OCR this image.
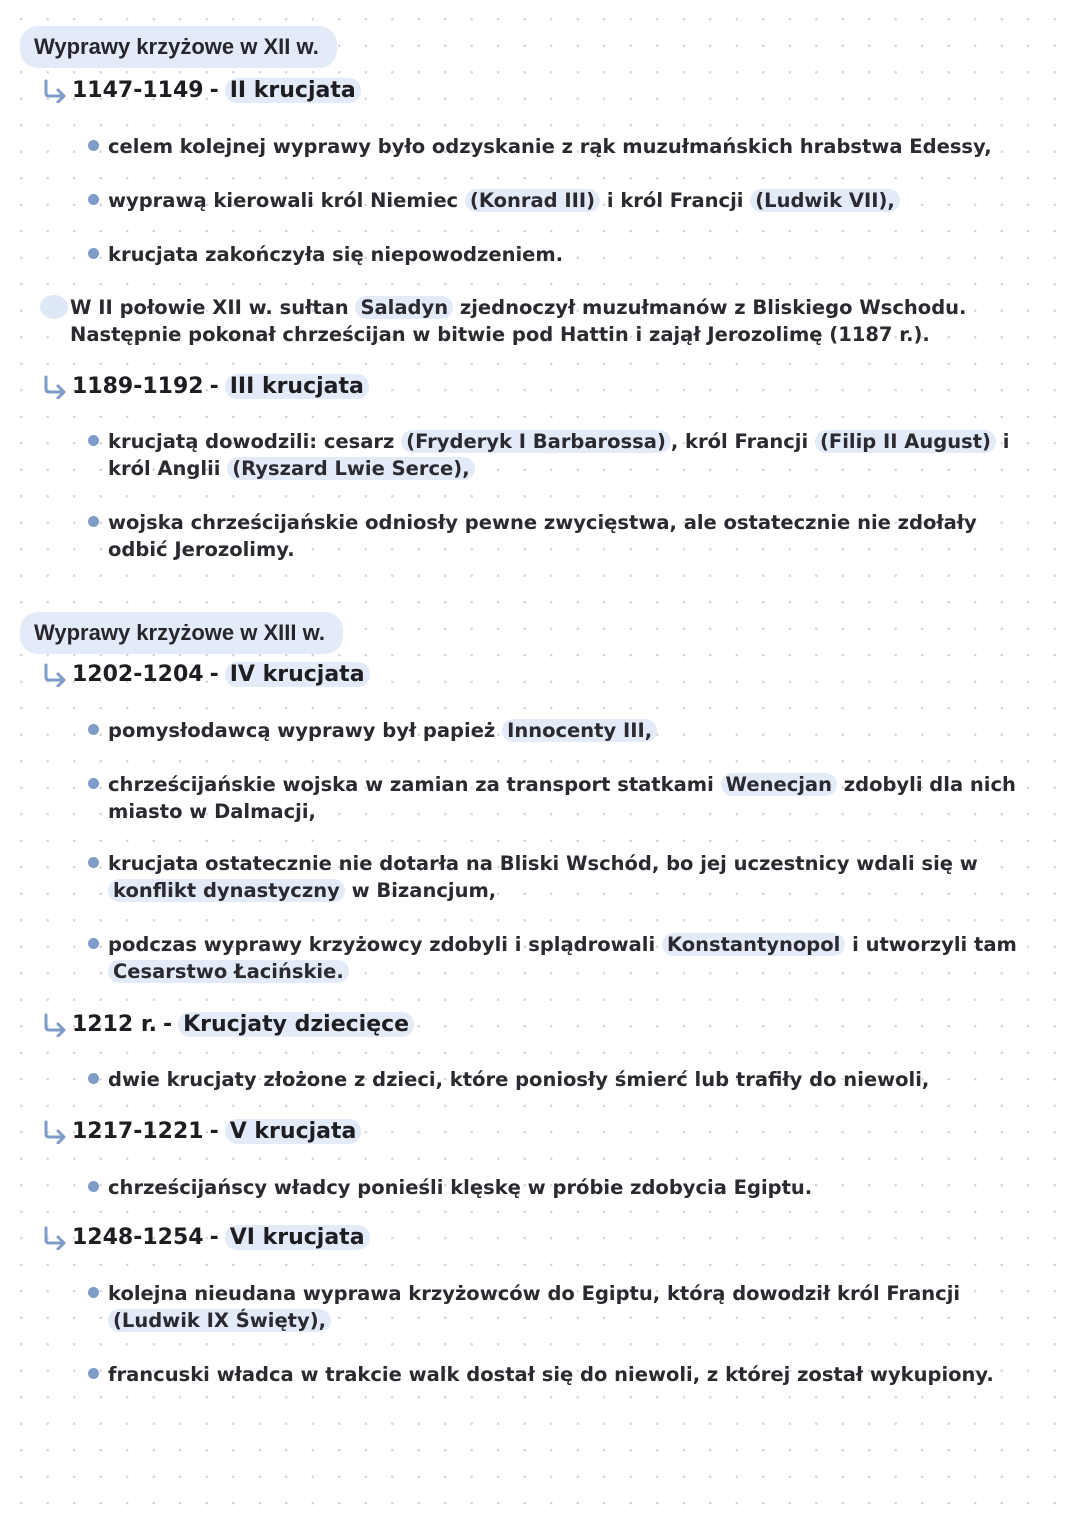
Wyprawy krzyżowe w XII w.
1147-1149 - II krucjata
celem kolejnej wyprawy było odzyskanie z rąk muzułmańskich hrabstwa Edessy,
wyprawą kierowali król Niemiec (Konrad III) i król Francji (Ludwik VII),
krucjata zakończyła się niepowodzeniem.
W II połowie XII w. sułtan Saladyn zjednoczył muzułmanów z Bliskiego Wschodu. Następnie pokonał chrześcijan w bitwie pod Hattin i zajął Jerozolimę (1187 r.).
1189-1192 - III krucjata
krucjatą dowodzili: cesarz (Fryderyk I Barbarossa) , król Francji (Filip II August) i król Anglii (Ryszard Lwie Serce),
wojska chrześcijańskie odniosły pewne zwycięstwa, ale ostatecznie nie zdołały odbić Jerozolimy.
Wyprawy krzyżowe w XIII w.
1202-1204 - IV krucjata
pomysłodawcą wyprawy był papież Innocenty III,
chrześcijańskie wojska w zamian za transport statkami Wenecjan zdobyli dla nich miasto w Dalmacji,
krucjata ostatecznie nie dotarła na Bliski Wschód, bo jej uczestnicy wdali się w konflikt dynastyczny w Bizancjum,
podczas wyprawy krzyżowcy zdobyli i splądrowali Konstantynopol i utworzyli tam Cesarstwo Łacińskie.
1212 r. - Krucjaty dziecięce
dwie krucjaty złożone z dzieci, które poniosły śmierć lub trafiły do niewoli,
1217-1221 - V krucjata
chrześcijańscy władcy ponieśli klęskę w próbie zdobycia Egiptu.
1248-1254 - VI krucjata
kolejna nieudana wyprawa krzyżowców do Egiptu, którą dowodził król Francji (Ludwik IX Święty),
francuski władca w trakcie walk dostał się do niewoli, z której został wykupiony.
